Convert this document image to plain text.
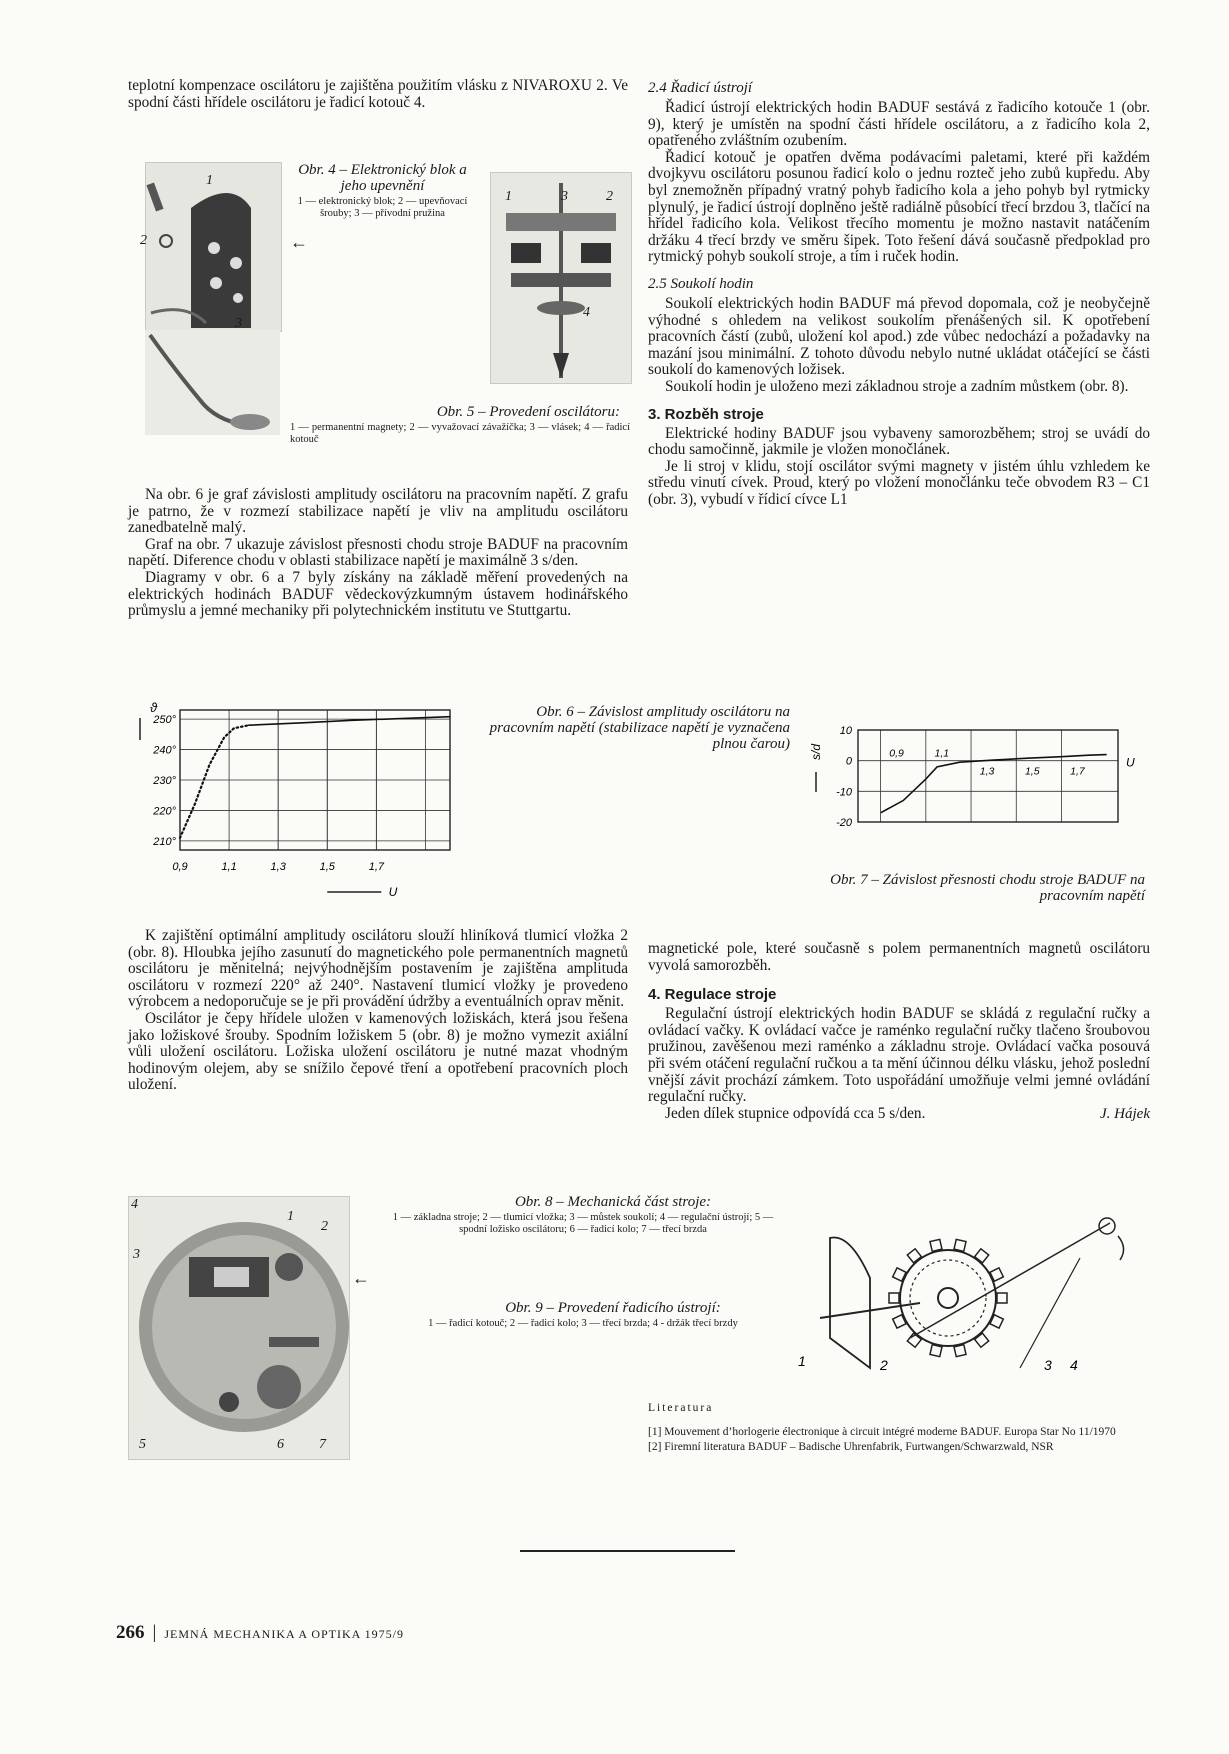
teplotní kompenzace oscilátoru je zajištěna použitím vlásku z NIVAROXU 2. Ve spodní části hřídele oscilátoru je řadicí kotouč 4.

1
2
3

Obr. 4 – Elektronický blok a jeho upevnění

1 — elektronický blok; 2 — upevňovací šrouby; 3 — přívodní pružina

←
1	3	2
4

Obr. 5 – Provedení oscilátoru:

1 — permanentní magnety; 2 — vyvažovací závažíčka; 3 — vlásek; 4 — řadicí kotouč

Na obr. 6 je graf závislosti amplitudy oscilátoru na pracovním napětí. Z grafu je patrno, že v rozmezí stabilizace napětí je vliv na amplitudu oscilátoru zanedbatelně malý.

Graf na obr. 7 ukazuje závislost přesnosti chodu stroje BADUF na pracovním napětí. Diference chodu v oblasti stabilizace napětí je maximálně 3 s/den.

Diagramy v obr. 6 a 7 byly získány na základě měření provedených na elektrických hodinách BADUF vědeckovýzkumným ústavem hodinářského průmyslu a jemné mechaniky při polytechnickém institutu ve Stuttgartu.

2.4 Řadicí ústrojí

Řadicí ústrojí elektrických hodin BADUF sestává z řadicího kotouče 1 (obr. 9), který je umístěn na spodní části hřídele oscilátoru, a z řadicího kola 2, opatřeného zvláštním ozubením.

Řadicí kotouč je opatřen dvěma podávacími paletami, které při každém dvojkyvu oscilátoru posunou řadicí kolo o jednu rozteč jeho zubů kupředu. Aby byl znemožněn případný vratný pohyb řadicího kola a jeho pohyb byl rytmicky plynulý, je řadicí ústrojí doplněno ještě radiálně působící třecí brzdou 3, tlačící na hřídel řadicího kola. Velikost třecího momentu je možno nastavit natáčením držáku 4 třecí brzdy ve směru šipek. Toto řešení dává současně předpoklad pro rytmický pohyb soukolí stroje, a tím i ruček hodin.

2.5 Soukolí hodin

Soukolí elektrických hodin BADUF má převod dopomala, což je neobyčejně výhodné s ohledem na velikost soukolím přenášených sil. K opotřebení pracovních částí (zubů, uložení kol apod.) zde vůbec nedochází a požadavky na mazání jsou minimální. Z tohoto důvodu nebylo nutné ukládat otáčející se části soukolí do kamenových ložisek.

Soukolí hodin je uloženo mezi základnou stroje a zadním můstkem (obr. 8).

3. Rozběh stroje

Elektrické hodiny BADUF jsou vybaveny samorozběhem; stroj se uvádí do chodu samočinně, jakmile je vložen monočlánek.

Je li stroj v klidu, stojí oscilátor svými magnety v jistém úhlu vzhledem ke středu vinutí cívek. Proud, který po vložení monočlánku teče obvodem R3 – C1 (obr. 3), vybudí v řídicí cívce L1

250°
240°
230°
220°
210°
0,9	1,1	1,3	1,5	1,7
ϑ
U

Obr. 6 – Závislost amplitudy oscilátoru na pracovním napětí (stabilizace napětí je vyznačena plnou čarou)

10
0
-10
-20
0,9	1,1
1,3	1,5	1,7
s/d
U

Obr. 7 – Závislost přesnosti chodu stroje BADUF na pracovním napětí

K zajištění optimální amplitudy oscilátoru slouží hliníková tlumicí vložka 2 (obr. 8). Hloubka jejího zasunutí do magnetického pole permanentních magnetů oscilátoru je měnitelná; nejvýhodnějším postavením je zajištěna amplituda oscilátoru v rozmezí 220° až 240°. Nastavení tlumicí vložky je provedeno výrobcem a nedoporučuje se je při provádění údržby a eventuálních oprav měnit.

Oscilátor je čepy hřídele uložen v kamenových ložiskách, která jsou řešena jako ložiskové šrouby. Spodním ložiskem 5 (obr. 8) je možno vymezit axiální vůli uložení oscilátoru. Ložiska uložení oscilátoru je nutné mazat vhodným hodinovým olejem, aby se snížilo čepové tření a opotřebení pracovních ploch uložení.

magnetické pole, které současně s polem permanentních magnetů oscilátoru vyvolá samorozběh.

4. Regulace stroje

Regulační ústrojí elektrických hodin BADUF se skládá z regulační ručky a ovládací vačky. K ovládací vačce je raménko regulační ručky tlačeno šroubovou pružinou, zavěšenou mezi raménko a základnu stroje. Ovládací vačka posouvá při svém otáčení regulační ručkou a ta mění účinnou délku vlásku, jehož poslední vnější závit prochází zámkem. Toto uspořádání umožňuje velmi jemné ovládání regulační ručky.

Jeden dílek stupnice odpovídá cca 5 s/den.	J. Hájek

4
1
2
3
5	6	7
←

Obr. 8 – Mechanická část stroje:

1 — základna stroje; 2 — tlumicí vložka; 3 — můstek soukolí; 4 — regulační ústrojí; 5 — spodní ložisko oscilátoru; 6 — řadicí kolo; 7 — třecí brzda

Obr. 9 – Provedení řadicího ústrojí:

1 — řadicí kotouč; 2 — řadicí kolo; 3 — třecí brzda; 4 - držák třecí brzdy

1	2	3 4

Literatura

[1] Mouvement d’horlogerie électronique à circuit intégré moderne BADUF. Europa Star No 11/1970

[2] Firemní literatura BADUF – Badische Uhrenfabrik, Furtwangen/Schwarzwald, NSR

266 | JEMNÁ MECHANIKA A OPTIKA 1975/9
